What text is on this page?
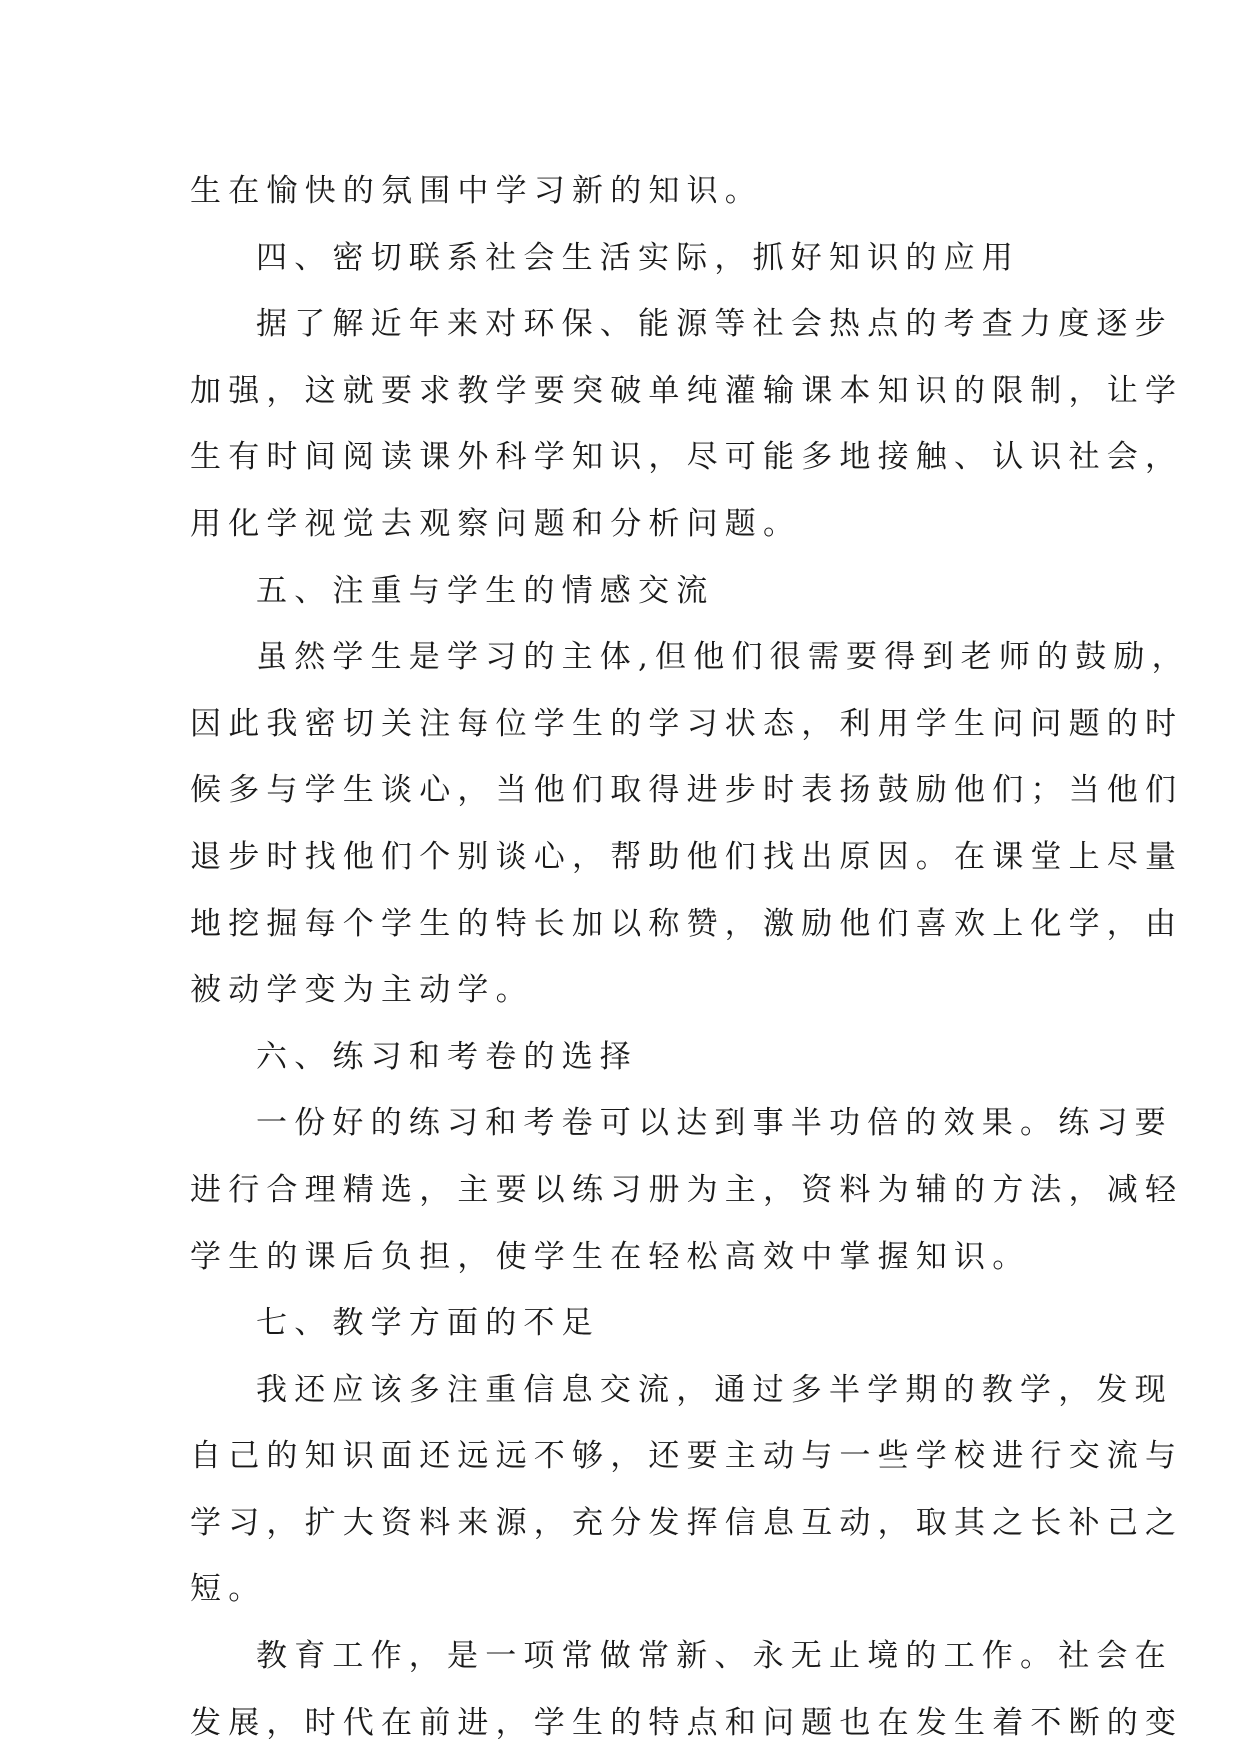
生在愉快的氛围中学习新的知识。
四、密切联系社会生活实际，抓好知识的应用
据了解近年来对环保、能源等社会热点的考查力度逐步
加强，这就要求教学要突破单纯灌输课本知识的限制，让学
生有时间阅读课外科学知识，尽可能多地接触、认识社会，
用化学视觉去观察问题和分析问题。
五、注重与学生的情感交流
虽然学生是学习的主体,但他们很需要得到老师的鼓励，
因此我密切关注每位学生的学习状态，利用学生问问题的时
候多与学生谈心，当他们取得进步时表扬鼓励他们；当他们
退步时找他们个别谈心，帮助他们找出原因。在课堂上尽量
地挖掘每个学生的特长加以称赞，激励他们喜欢上化学，由
被动学变为主动学。
六、练习和考卷的选择
一份好的练习和考卷可以达到事半功倍的效果。练习要
进行合理精选，主要以练习册为主，资料为辅的方法，减轻
学生的课后负担，使学生在轻松高效中掌握知识。
七、教学方面的不足
我还应该多注重信息交流，通过多半学期的教学，发现
自己的知识面还远远不够，还要主动与一些学校进行交流与
学习，扩大资料来源，充分发挥信息互动，取其之长补己之
短。
教育工作，是一项常做常新、永无止境的工作。社会在
发展，时代在前进，学生的特点和问题也在发生着不断的变
